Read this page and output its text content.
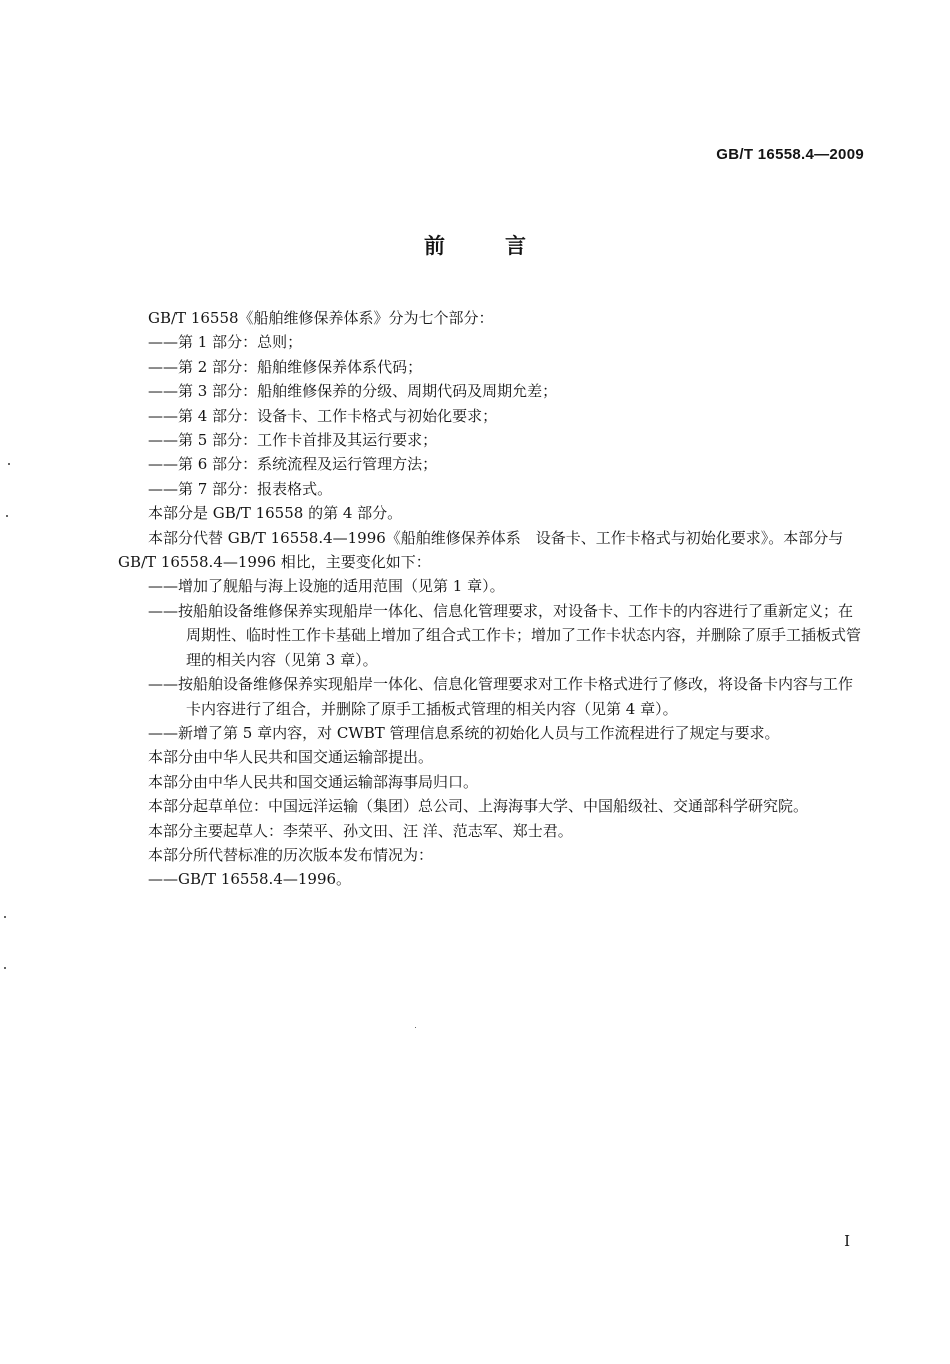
GB/T 16558.4—2009
前言

GB/T 16558《船舶维修保养体系》分为七个部分：

——第 1 部分：总则；

——第 2 部分：船舶维修保养体系代码；

——第 3 部分：船舶维修保养的分级、周期代码及周期允差；

——第 4 部分：设备卡、工作卡格式与初始化要求；

——第 5 部分：工作卡首排及其运行要求；

——第 6 部分：系统流程及运行管理方法；

——第 7 部分：报表格式。

本部分是 GB/T 16558 的第 4 部分。

本部分代替 GB/T 16558.4—1996《船舶维修保养体系　设备卡、工作卡格式与初始化要求》。本部分与 GB/T 16558.4—1996 相比，主要变化如下：

——增加了舰船与海上设施的适用范围（见第 1 章）。

——按船舶设备维修保养实现船岸一体化、信息化管理要求，对设备卡、工作卡的内容进行了重新定义；在周期性、临时性工作卡基础上增加了组合式工作卡；增加了工作卡状态内容，并删除了原手工插板式管理的相关内容（见第 3 章）。

——按船舶设备维修保养实现船岸一体化、信息化管理要求对工作卡格式进行了修改，将设备卡内容与工作卡内容进行了组合，并删除了原手工插板式管理的相关内容（见第 4 章）。

——新增了第 5 章内容，对 CWBT 管理信息系统的初始化人员与工作流程进行了规定与要求。

本部分由中华人民共和国交通运输部提出。

本部分由中华人民共和国交通运输部海事局归口。

本部分起草单位：中国远洋运输（集团）总公司、上海海事大学、中国船级社、交通部科学研究院。

本部分主要起草人：李荣平、孙文田、汪 洋、范志军、郑士君。

本部分所代替标准的历次版本发布情况为：

——GB/T 16558.4—1996。

I
